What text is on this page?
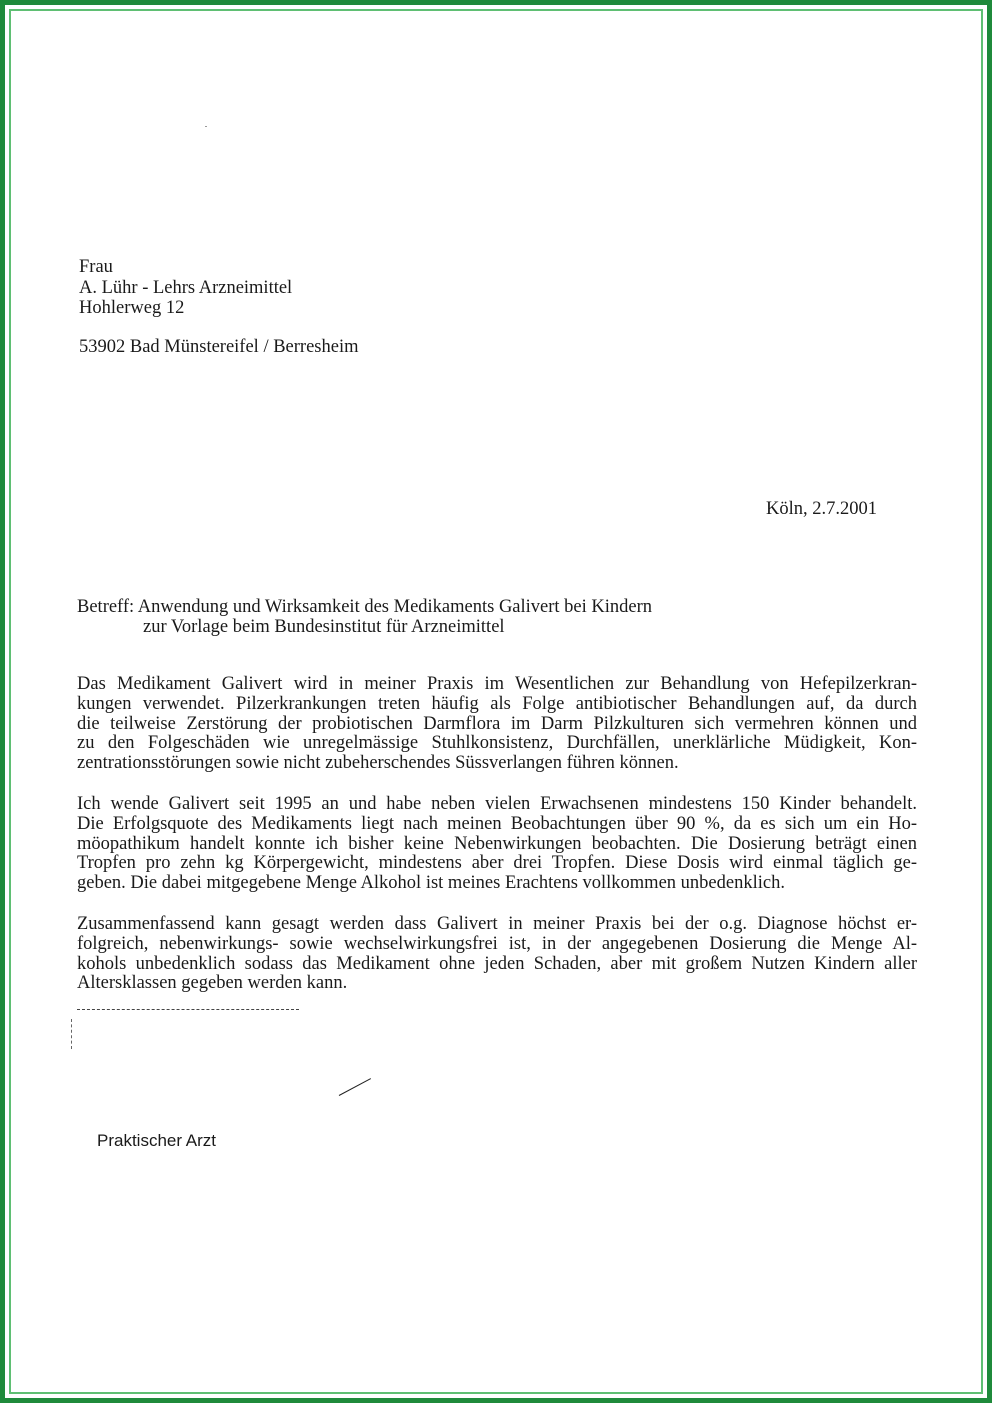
Frau
A. Lühr - Lehrs Arzneimittel
Hohlerweg 12
53902 Bad Münstereifel / Berresheim
Köln, 2.7.2001
Betreff: Anwendung und Wirksamkeit des Medikaments Galivert bei Kindern
zur Vorlage beim Bundesinstitut für Arzneimittel
Das Medikament Galivert wird in meiner Praxis im Wesentlichen zur Behandlung von Hefepilzerkran-
kungen verwendet. Pilzerkrankungen treten häufig als Folge antibiotischer Behandlungen auf, da durch
die teilweise Zerstörung der probiotischen Darmflora im Darm Pilzkulturen sich vermehren können und
zu den Folgeschäden wie unregelmässige Stuhlkonsistenz, Durchfällen, unerklärliche Müdigkeit, Kon-
zentrationsstörungen sowie nicht zubeherschendes Süssverlangen führen können.
Ich wende Galivert seit 1995 an und habe neben vielen Erwachsenen mindestens 150 Kinder behandelt.
Die Erfolgsquote des Medikaments liegt nach meinen Beobachtungen über 90 %, da es sich um ein Ho-
möopathikum handelt konnte ich bisher keine Nebenwirkungen beobachten. Die Dosierung beträgt einen
Tropfen pro zehn kg Körpergewicht, mindestens aber drei Tropfen. Diese Dosis wird einmal täglich ge-
geben. Die dabei mitgegebene Menge Alkohol ist meines Erachtens vollkommen unbedenklich.
Zusammenfassend kann gesagt werden dass Galivert in meiner Praxis bei der o.g. Diagnose höchst er-
folgreich, nebenwirkungs- sowie wechselwirkungsfrei ist, in der angegebenen Dosierung die Menge Al-
kohols unbedenklich sodass das Medikament ohne jeden Schaden, aber mit großem Nutzen Kindern aller
Altersklassen gegeben werden kann.
Praktischer Arzt
